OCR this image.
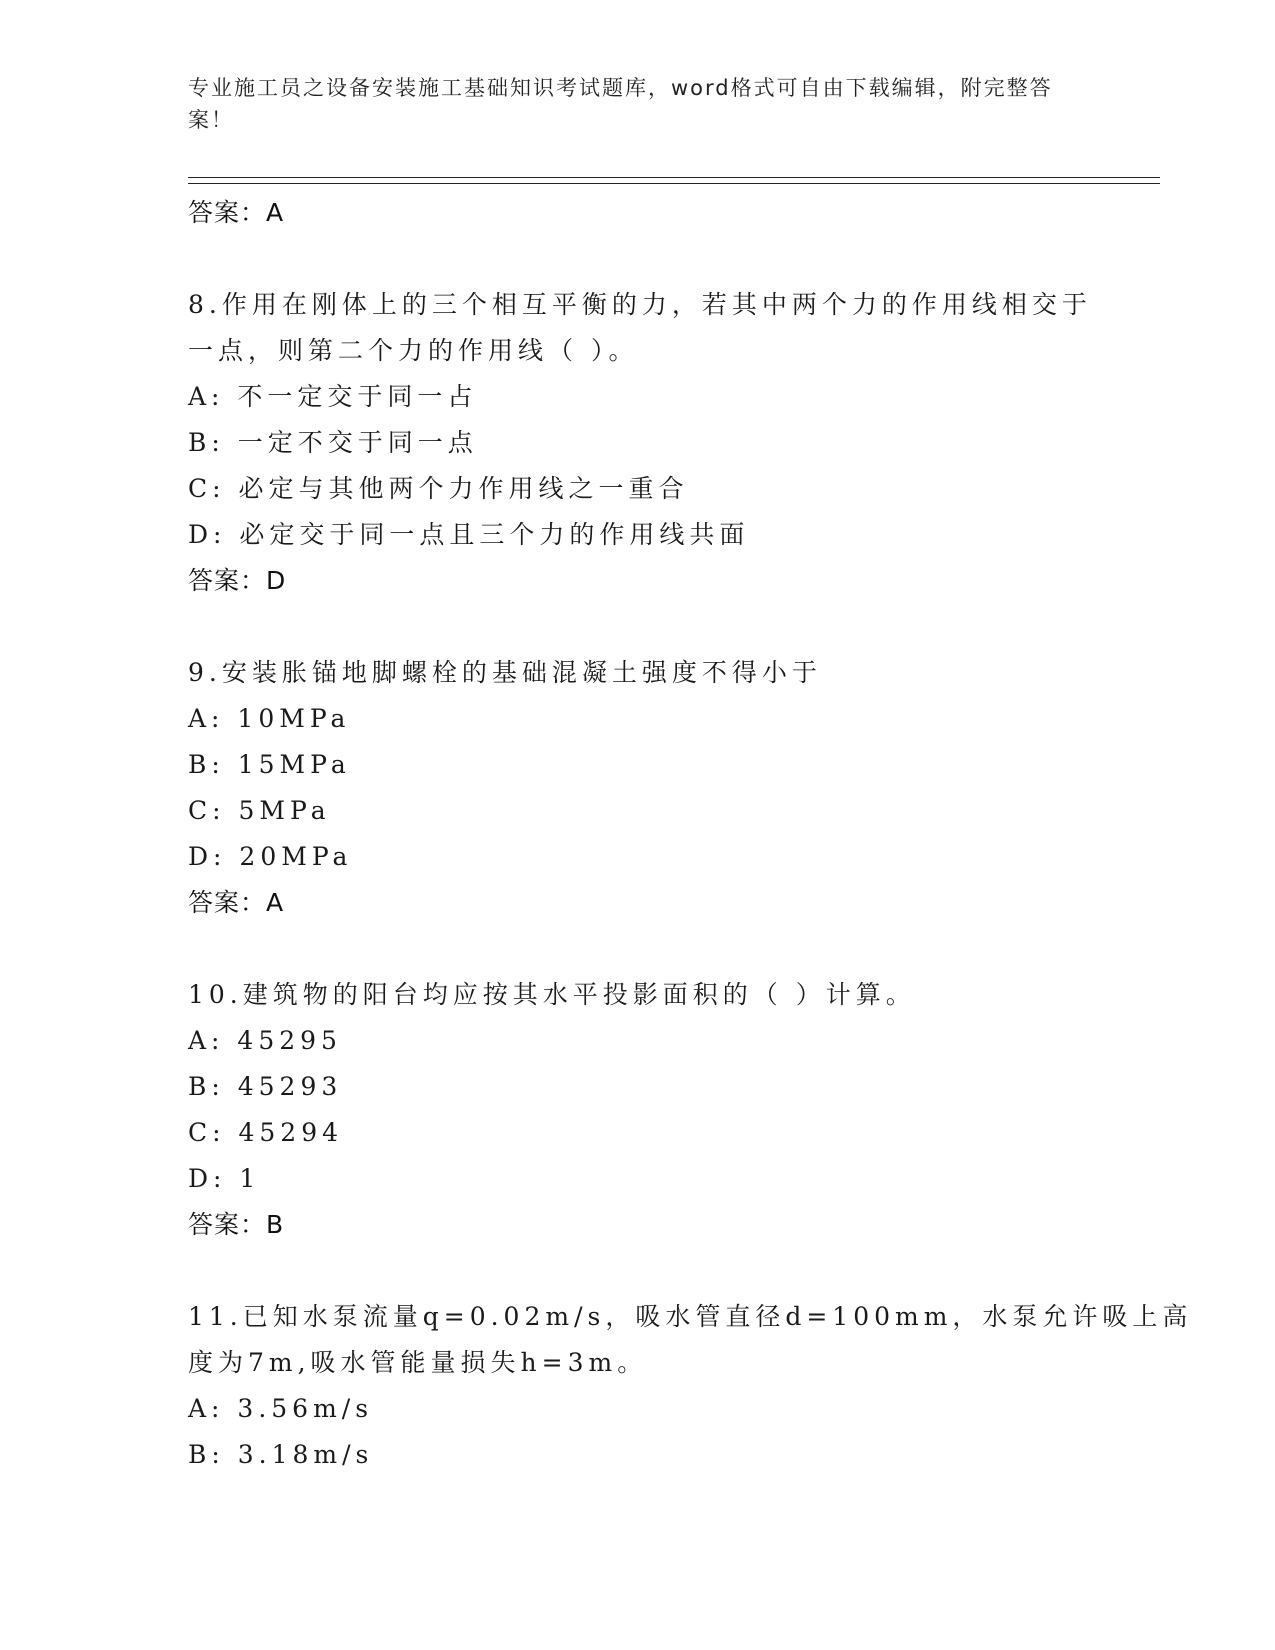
专业施工员之设备安装施工基础知识考试题库，word格式可自由下载编辑，附完整答案！
答案：A
8.作用在刚体上的三个相互平衡的力，若其中两个力的作用线相交于
一点，则第二个力的作用线（ ）。
A: 不一定交于同一占
B: 一定不交于同一点
C: 必定与其他两个力作用线之一重合
D: 必定交于同一点且三个力的作用线共面
答案：D
9.安装胀锚地脚螺栓的基础混凝土强度不得小于
A: 10MPa
B: 15MPa
C: 5MPa
D: 20MPa
答案：A
10.建筑物的阳台均应按其水平投影面积的（ ）计算。
A: 45295
B: 45293
C: 45294
D: 1
答案：B
11.已知水泵流量q=0.02m/s，吸水管直径d=100mm，水泵允许吸上高
度为7m,吸水管能量损失h=3m。
A: 3.56m/s
B: 3.18m/s
